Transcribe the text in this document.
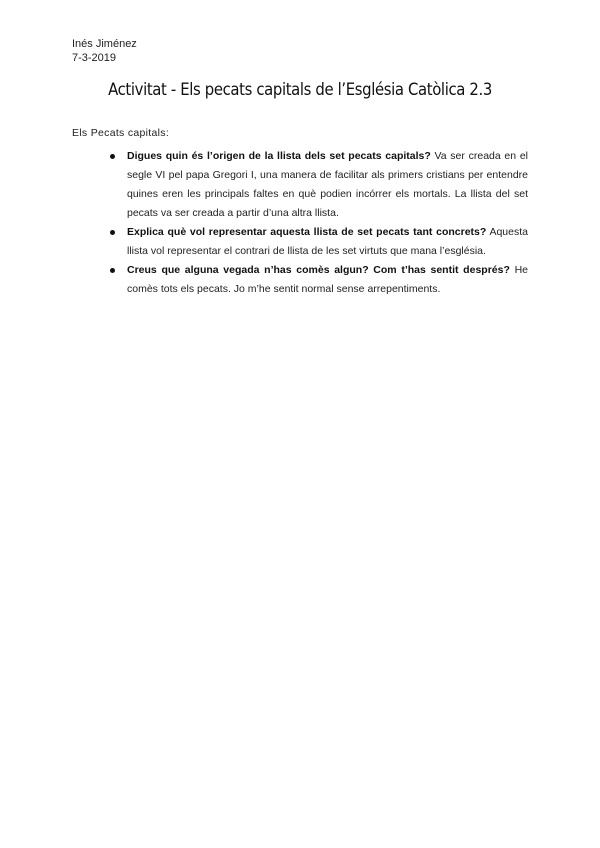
Inés Jiménez
7-3-2019
Activitat - Els pecats capitals de l’Església Catòlica 2.3
Els Pecats capitals:
Digues quin és l’origen de la llista dels set pecats capitals? Va ser creada en el segle VI pel papa Gregori I, una manera de facilitar als primers cristians per entendre quines eren les principals faltes en què podien incórrer els mortals. La llista del set pecats va ser creada a partir d’una altra llista.
Explica què vol representar aquesta llista de set pecats tant concrets? Aquesta llista vol representar el contrari de llista de les set virtuts que mana l’església.
Creus que alguna vegada n’has comès algun? Com t’has sentit després? He comès tots els pecats. Jo m’he sentit normal sense arrepentiments.
